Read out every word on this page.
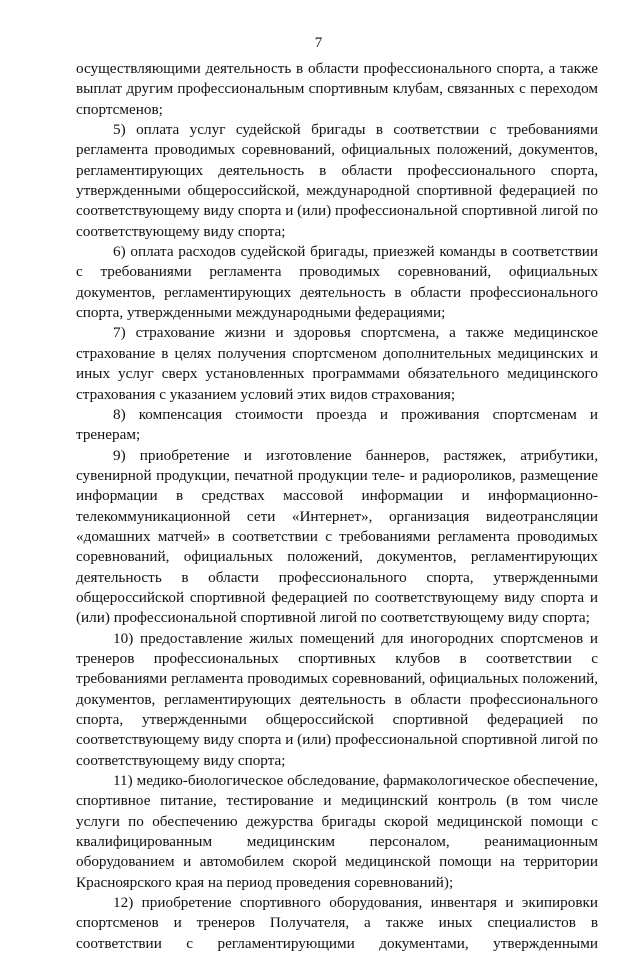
7

осуществляющими деятельность в области профессионального спорта, а также выплат другим профессиональным спортивным клубам, связанных с переходом спортсменов;

5) оплата услуг судейской бригады в соответствии с требованиями регламента проводимых соревнований, официальных положений, документов, регламентирующих деятельность в области профессионального спорта, утвержденными общероссийской, международной спортивной федерацией по соответствующему виду спорта и (или) профессиональной спортивной лигой по соответствующему виду спорта;

6) оплата расходов судейской бригады, приезжей команды в соответствии с требованиями регламента проводимых соревнований, официальных документов, регламентирующих деятельность в области профессионального спорта, утвержденными международными федерациями;

7) страхование жизни и здоровья спортсмена, а также медицинское страхование в целях получения спортсменом дополнительных медицинских и иных услуг сверх установленных программами обязательного медицинского страхования с указанием условий этих видов страхования;

8) компенсация стоимости проезда и проживания спортсменам и тренерам;

9) приобретение и изготовление баннеров, растяжек, атрибутики, сувенирной продукции, печатной продукции теле- и радиороликов, размещение информации в средствах массовой информации и информационно-телекоммуникационной сети «Интернет», организация видеотрансляции «домашних матчей» в соответствии с требованиями регламента проводимых соревнований, официальных положений, документов, регламентирующих деятельность в области профессионального спорта, утвержденными общероссийской спортивной федерацией по соответствующему виду спорта и (или) профессиональной спортивной лигой по соответствующему виду спорта;

10) предоставление жилых помещений для иногородних спортсменов и тренеров профессиональных спортивных клубов в соответствии с требованиями регламента проводимых соревнований, официальных положений, документов, регламентирующих деятельность в области профессионального спорта, утвержденными общероссийской спортивной федерацией по соответствующему виду спорта и (или) профессиональной спортивной лигой по соответствующему виду спорта;

11) медико-биологическое обследование, фармакологическое обеспечение, спортивное питание, тестирование и медицинский контроль (в том числе услуги по обеспечению дежурства бригады скорой медицинской помощи с квалифицированным медицинским персоналом, реанимационным оборудованием и автомобилем скорой медицинской помощи на территории Красноярского края на период проведения соревнований);

12) приобретение спортивного оборудования, инвентаря и экипировки спортсменов и тренеров Получателя, а также иных специалистов в соответствии с регламентирующими документами, утвержденными
